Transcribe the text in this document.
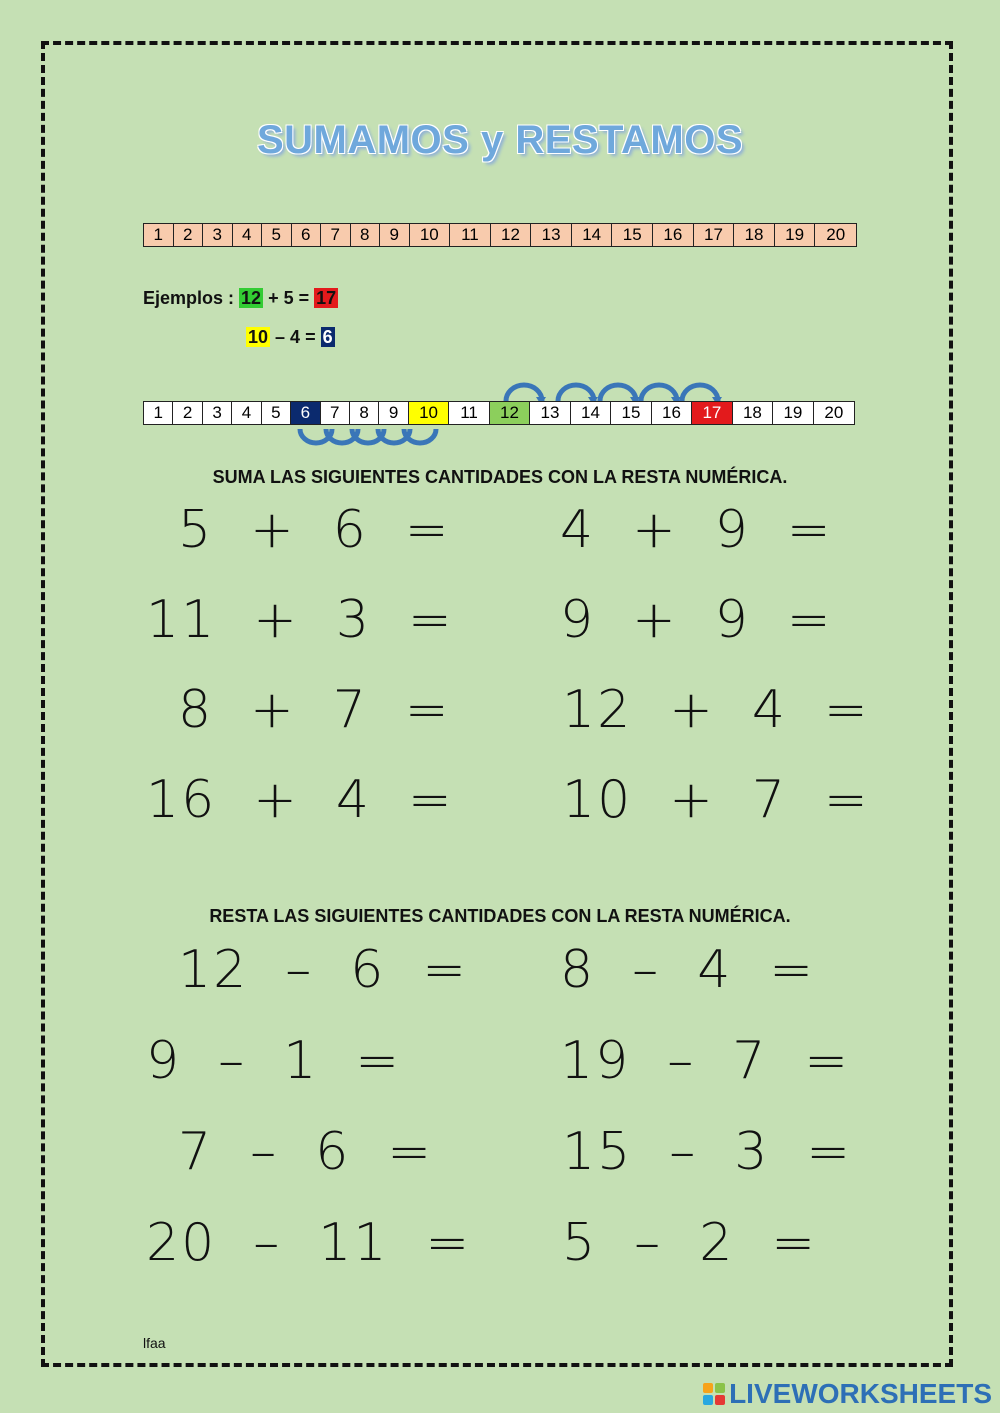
SUMAMOS y RESTAMOS
1	2	3	4	5	6	7	8	9	10	11	12	13	14	15	16	17	18	19	20
Ejemplos : 12 + 5 = 17
10 – 4 = 6
1	2	3	4	5	6	7	8	9	10	11	12	13	14	15	16	17	18	19	20
SUMA LAS SIGUIENTES CANTIDADES CON LA RESTA NUMÉRICA.
5  +  6  = 4  +  9  =
11  +  3  = 9  +  9  =
8  +  7  = 12  +  4  =
16  +  4  = 10  +  7  =
RESTA LAS SIGUIENTES CANTIDADES CON LA RESTA NUMÉRICA.
12  –  6  = 8  –  4  =
9  –  1  =	19  –  7  =
7  –  6  = 15  –  3  =
20  –  11  = 5  –  2  =
lfaa
LIVEWORKSHEETS
